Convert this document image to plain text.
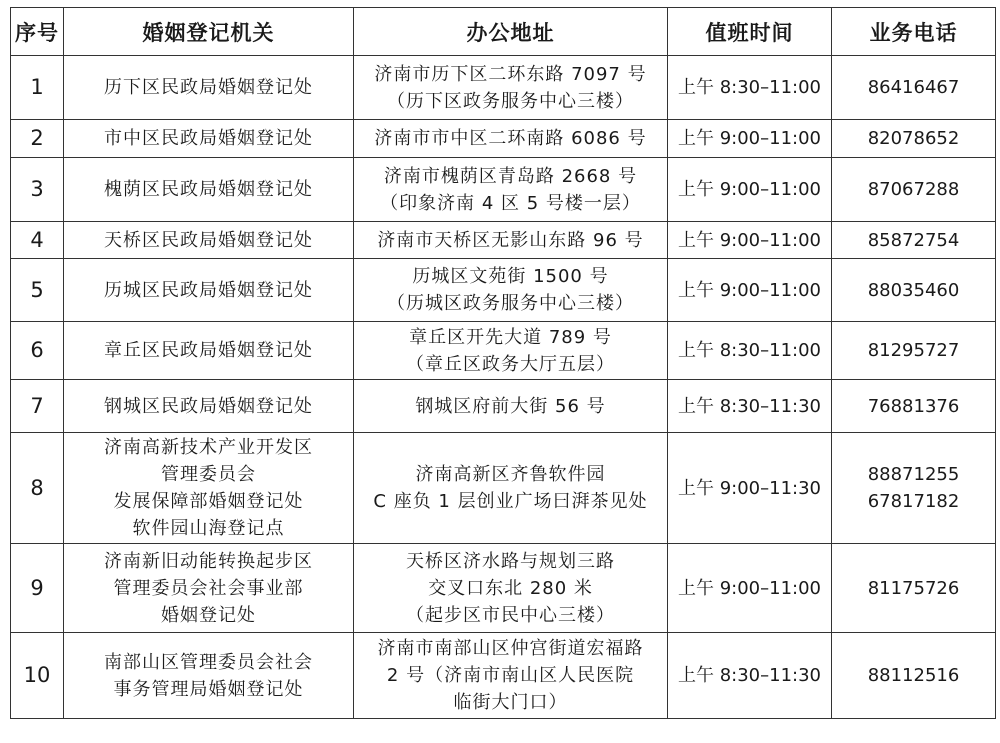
序号	婚姻登记机关	办公地址	值班时间	业务电话
1	历下区民政局婚姻登记处	济南市历下区二环东路 7097 号
（历下区政务服务中心三楼）	上午 8:30–11:00	86416467

2	市中区民政局婚姻登记处	济南市市中区二环南路 6086 号	上午 9:00–11:00	82078652

3	槐荫区民政局婚姻登记处	济南市槐荫区青岛路 2668 号
（印象济南 4 区 5 号楼一层）	上午 9:00–11:00	87067288

4	天桥区民政局婚姻登记处	济南市天桥区无影山东路 96 号	上午 9:00–11:00	85872754

5	历城区民政局婚姻登记处	历城区文苑街 1500 号
（历城区政务服务中心三楼）	上午 9:00–11:00	88035460

6	章丘区民政局婚姻登记处	章丘区开先大道 789 号
（章丘区政务大厅五层）	上午 8:30–11:00	81295727

7	钢城区民政局婚姻登记处	钢城区府前大街 56 号	上午 8:30–11:30	76881376

8	济南高新技术产业开发区
管理委员会
发展保障部婚姻登记处
软件园山海登记点	济南高新区齐鲁软件园
C 座负 1 层创业广场曰湃茶见处	上午 9:00–11:30	88871255
67817182

9	济南新旧动能转换起步区
管理委员会社会事业部
婚姻登记处	天桥区济水路与规划三路
交叉口东北 280 米
（起步区市民中心三楼）	上午 9:00–11:00	81175726

10	南部山区管理委员会社会
事务管理局婚姻登记处	济南市南部山区仲宫街道宏福路
2 号（济南市南山区人民医院
临街大门口）	上午 8:30–11:30	88112516
